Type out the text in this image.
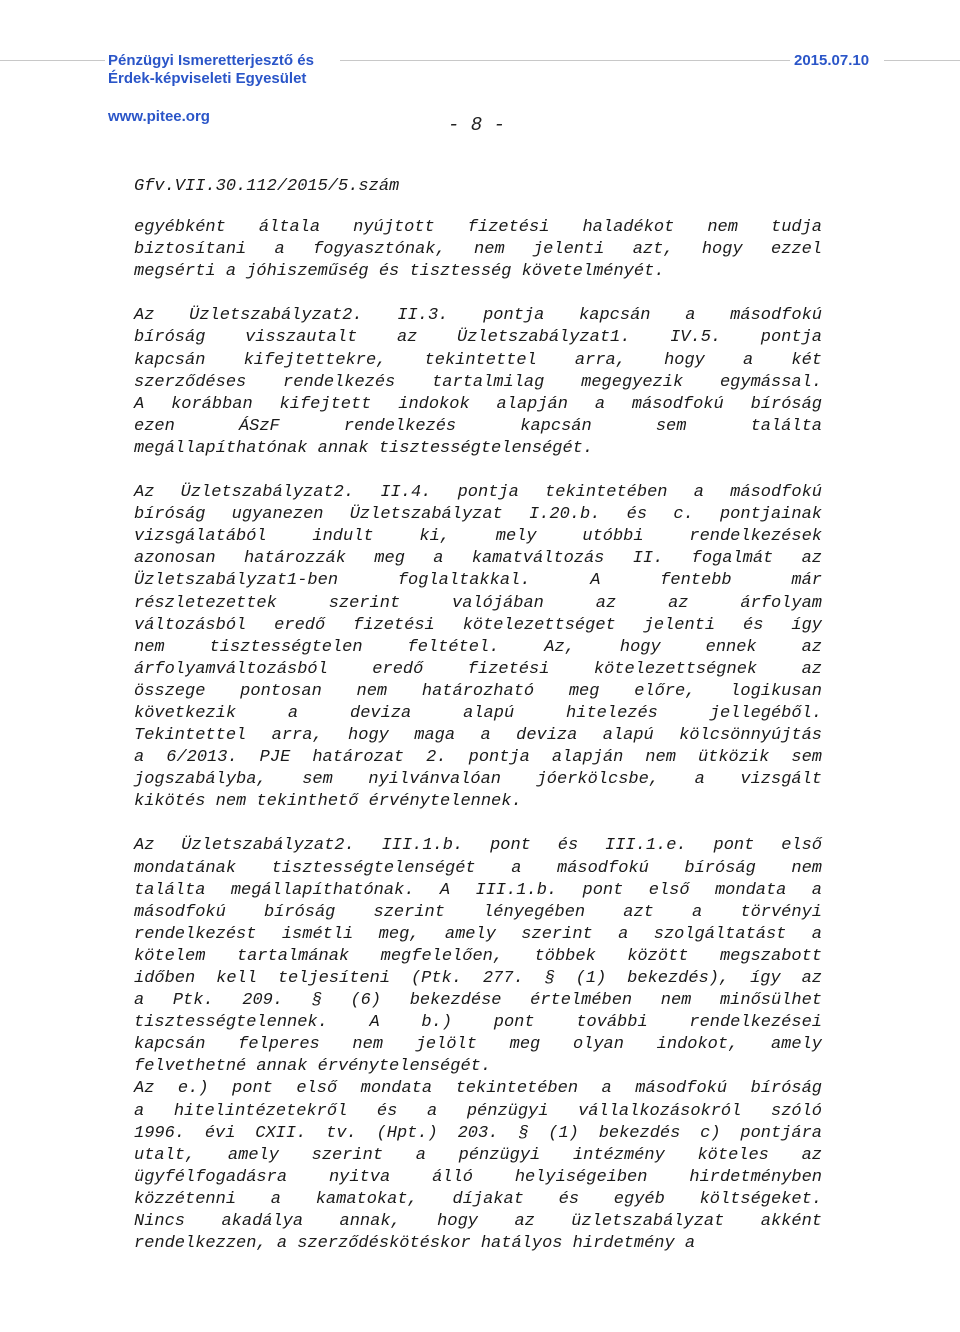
Pénzügyi Ismeretterjesztő és
Érdek-képviseleti Egyesület
www.pitee.org
2015.07.10
- 8 -
Gfv.VII.30.112/2015/5.szám
egyébként általa nyújtott fizetési haladékot nem tudja
biztosítani a fogyasztónak, nem jelenti azt, hogy ezzel
megsérti a jóhiszeműség és tisztesség követelményét.
Az Üzletszabályzat2. II.3. pontja kapcsán a másodfokú
bíróság visszautalt az Üzletszabályzat1. IV.5. pontja
kapcsán kifejtettekre, tekintettel arra, hogy a két
szerződéses rendelkezés tartalmilag megegyezik egymással.
A korábban kifejtett indokok alapján a másodfokú bíróság
ezen ÁSzF rendelkezés kapcsán sem találta
megállapíthatónak annak tisztességtelenségét.
Az Üzletszabályzat2. II.4. pontja tekintetében a másodfokú
bíróság ugyanezen Üzletszabályzat I.20.b. és c. pontjainak
vizsgálatából indult ki, mely utóbbi rendelkezések
azonosan határozzák meg a kamatváltozás II. fogalmát az
Üzletszabályzat1-ben foglaltakkal. A fentebb már
részletezettek szerint valójában az az árfolyam
változásból eredő fizetési kötelezettséget jelenti és így
nem tisztességtelen feltétel. Az, hogy ennek az
árfolyamváltozásból eredő fizetési kötelezettségnek az
összege pontosan nem határozható meg előre, logikusan
következik a deviza alapú hitelezés jellegéből.
Tekintettel arra, hogy maga a deviza alapú kölcsönnyújtás
a 6/2013. PJE határozat 2. pontja alapján nem ütközik sem
jogszabályba, sem nyilvánvalóan jóerkölcsbe, a vizsgált
kikötés nem tekinthető érvénytelennek.
Az Üzletszabályzat2. III.1.b. pont és III.1.e. pont első
mondatának tisztességtelenségét a másodfokú bíróság nem
találta megállapíthatónak. A III.1.b. pont első mondata a
másodfokú bíróság szerint lényegében azt a törvényi
rendelkezést ismétli meg, amely szerint a szolgáltatást a
kötelem tartalmának megfelelően, többek között megszabott
időben kell teljesíteni (Ptk. 277. § (1) bekezdés), így az
a Ptk. 209. § (6) bekezdése értelmében nem minősülhet
tisztességtelennek. A b.) pont további rendelkezései
kapcsán felperes nem jelölt meg olyan indokot, amely
felvethetné annak érvénytelenségét.
Az e.) pont első mondata tekintetében a másodfokú bíróság
a hitelintézetekről és a pénzügyi vállalkozásokról szóló
1996. évi CXII. tv. (Hpt.) 203. § (1) bekezdés c) pontjára
utalt, amely szerint a pénzügyi intézmény köteles az
ügyfélfogadásra nyitva álló helyiségeiben hirdetményben
közzétenni a kamatokat, díjakat és egyéb költségeket.
Nincs akadálya annak, hogy az üzletszabályzat akként
rendelkezzen, a szerződéskötéskor hatályos hirdetmény a
